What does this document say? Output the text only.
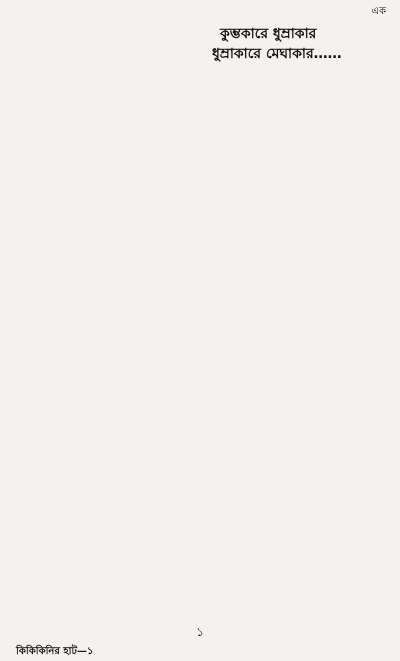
এক
কুম্ভকারে ধুম্রাকার
ধুম্রাকারে মেঘাকার……

১
কিকিকিনির হাট—১
